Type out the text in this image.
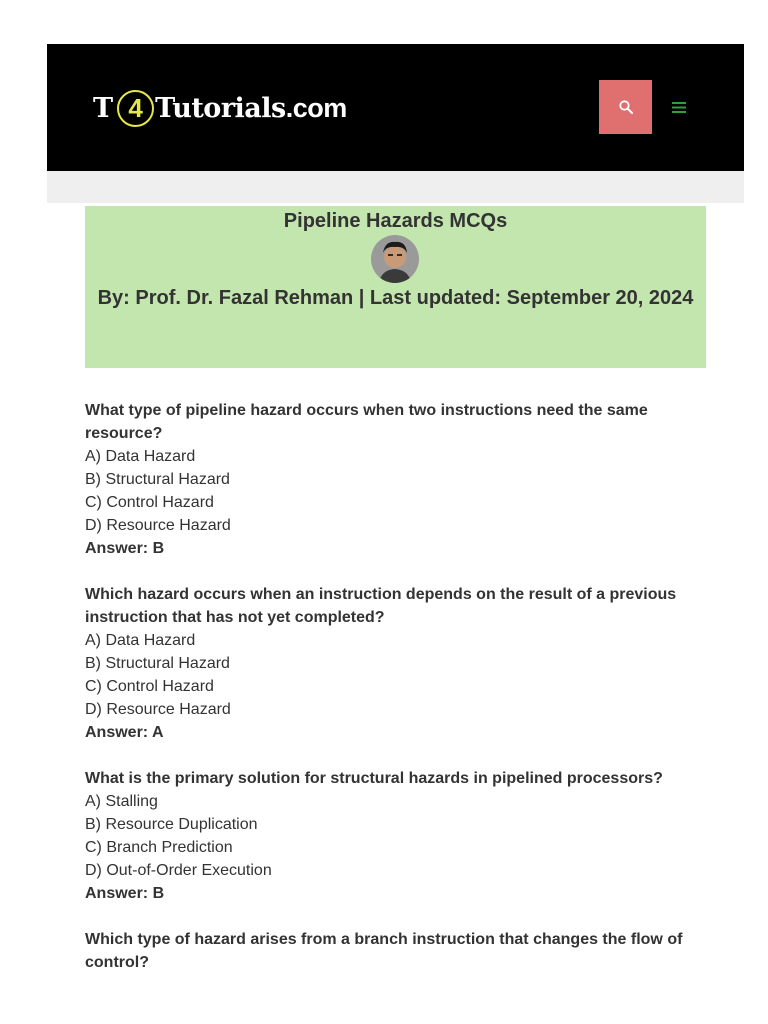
T 4 Tutorials .com
Pipeline Hazards MCQs
By: Prof. Dr. Fazal Rehman | Last updated: September 20, 2024
What type of pipeline hazard occurs when two instructions need the same resource?
A) Data Hazard
B) Structural Hazard
C) Control Hazard
D) Resource Hazard
Answer: B
Which hazard occurs when an instruction depends on the result of a previous instruction that has not yet completed?
A) Data Hazard
B) Structural Hazard
C) Control Hazard
D) Resource Hazard
Answer: A
What is the primary solution for structural hazards in pipelined processors?
A) Stalling
B) Resource Duplication
C) Branch Prediction
D) Out-of-Order Execution
Answer: B
Which type of hazard arises from a branch instruction that changes the flow of control?
